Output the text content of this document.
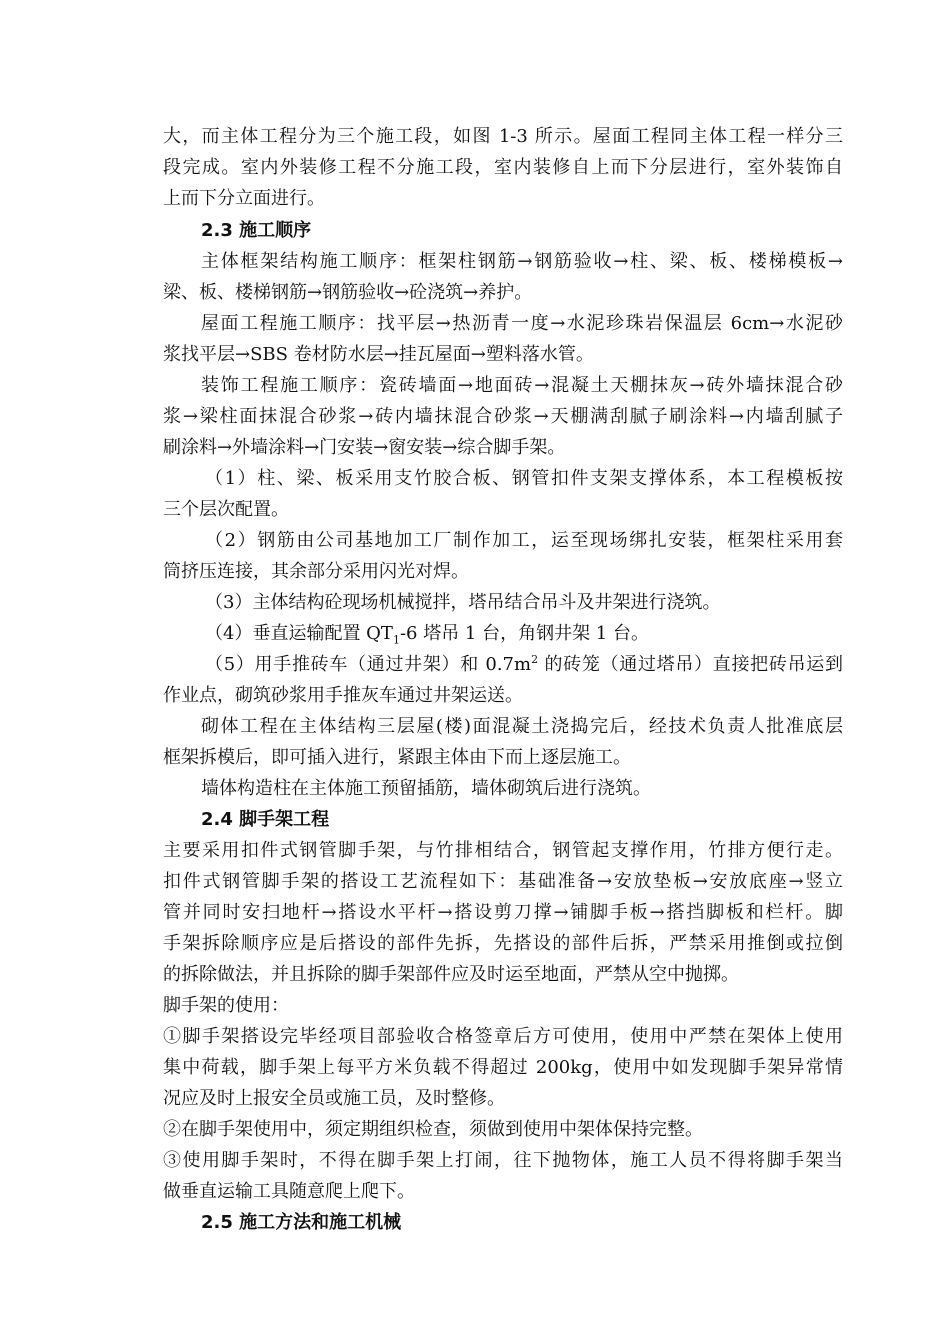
大，而主体工程分为三个施工段，如图 1-3 所示。屋面工程同主体工程一样分三
段完成。室内外装修工程不分施工段，室内装修自上而下分层进行，室外装饰自
上而下分立面进行。
2.3 施工顺序
主体框架结构施工顺序：框架柱钢筋→钢筋验收→柱、梁、板、楼梯模板→
梁、板、楼梯钢筋→钢筋验收→砼浇筑→养护。
屋面工程施工顺序：找平层→热沥青一度→水泥珍珠岩保温层 6cm→水泥砂
浆找平层→SBS 卷材防水层→挂瓦屋面→塑料落水管。
装饰工程施工顺序：瓷砖墙面→地面砖→混凝土天棚抹灰→砖外墙抹混合砂
浆→梁柱面抹混合砂浆→砖内墙抹混合砂浆→天棚满刮腻子刷涂料→内墙刮腻子
刷涂料→外墙涂料→门安装→窗安装→综合脚手架。
（1）柱、梁、板采用支竹胶合板、钢管扣件支架支撑体系，本工程模板按
三个层次配置。
（2）钢筋由公司基地加工厂制作加工，运至现场绑扎安装，框架柱采用套
筒挤压连接，其余部分采用闪光对焊。
（3）主体结构砼现场机械搅拌，塔吊结合吊斗及井架进行浇筑。
（4）垂直运输配置 $QT_1-6$ 塔吊 1 台，角钢井架 1 台。
（5）用手推砖车（通过井架）和 $0.7m^2$ 的砖笼（通过塔吊）直接把砖吊运到
作业点，砌筑砂浆用手推灰车通过井架运送。
砌体工程在主体结构三层屋(楼)面混凝土浇捣完后，经技术负责人批准底层
框架拆模后，即可插入进行，紧跟主体由下而上逐层施工。
墙体构造柱在主体施工预留插筋，墙体砌筑后进行浇筑。
2.4 脚手架工程
主要采用扣件式钢管脚手架，与竹排相结合，钢管起支撑作用，竹排方便行走。
扣件式钢管脚手架的搭设工艺流程如下：基础准备→安放垫板→安放底座→竖立
管并同时安扫地杆→搭设水平杆→搭设剪刀撑→铺脚手板→搭挡脚板和栏杆。脚
手架拆除顺序应是后搭设的部件先拆，先搭设的部件后拆，严禁采用推倒或拉倒
的拆除做法，并且拆除的脚手架部件应及时运至地面，严禁从空中抛掷。
脚手架的使用：
①脚手架搭设完毕经项目部验收合格签章后方可使用，使用中严禁在架体上使用
集中荷载，脚手架上每平方米负载不得超过 200kg，使用中如发现脚手架异常情
况应及时上报安全员或施工员，及时整修。
②在脚手架使用中，须定期组织检查，须做到使用中架体保持完整。
③使用脚手架时，不得在脚手架上打闹，往下抛物体，施工人员不得将脚手架当
做垂直运输工具随意爬上爬下。
2.5 施工方法和施工机械
